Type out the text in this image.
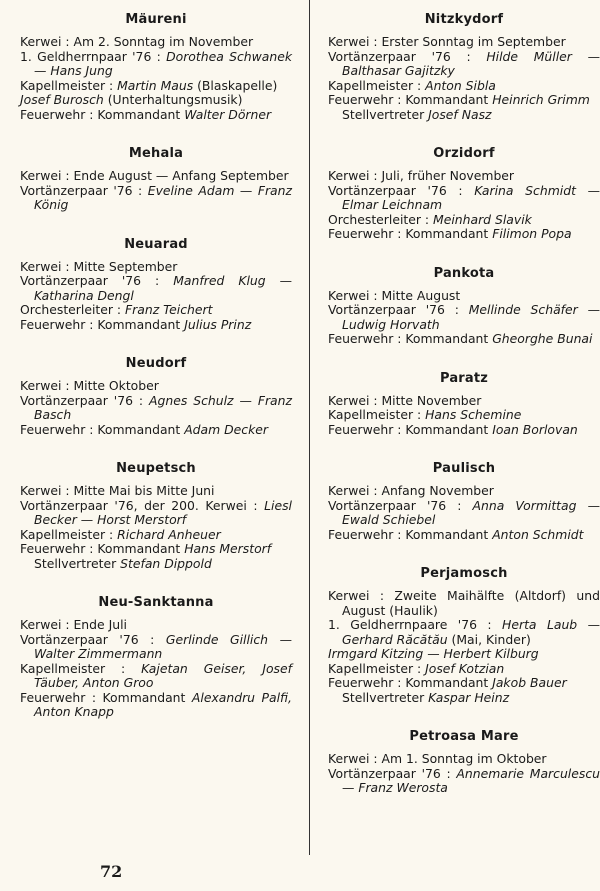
Mäureni
Kerwei : Am 2. Sonntag im November
1. Geldherrnpaar '76 : Dorothea Schwanek — Hans Jung
Kapellmeister : Martin Maus (Blaskapelle)
Josef Burosch (Unterhaltungsmusik)
Feuerwehr : Kommandant Walter Dörner
Mehala
Kerwei : Ende August — Anfang September
Vortänzerpaar '76 : Eveline Adam — Franz König
Neuarad
Kerwei : Mitte September
Vortänzerpaar '76 : Manfred Klug — Katharina Dengl
Orchesterleiter : Franz Teichert
Feuerwehr : Kommandant Julius Prinz
Neudorf
Kerwei : Mitte Oktober
Vortänzerpaar '76 : Agnes Schulz — Franz Basch
Feuerwehr : Kommandant Adam Decker
Neupetsch
Kerwei : Mitte Mai bis Mitte Juni
Vortänzerpaar '76, der 200. Kerwei : Liesl Becker — Horst Merstorf
Kapellmeister : Richard Anheuer
Feuerwehr : Kommandant Hans Merstorf
Stellvertreter Stefan Dippold
Neu-Sanktanna
Kerwei : Ende Juli
Vortänzerpaar '76 : Gerlinde Gillich — Walter Zimmermann
Kapellmeister : Kajetan Geiser, Josef Täuber, Anton Groo
Feuerwehr : Kommandant Alexandru Palfi, Anton Knapp
Nitzkydorf
Kerwei : Erster Sonntag im September
Vortänzerpaar '76 : Hilde Müller — Balthasar Gajitzky
Kapellmeister : Anton Sibla
Feuerwehr : Kommandant Heinrich Grimm
Stellvertreter Josef Nasz
Orzidorf
Kerwei : Juli, früher November
Vortänzerpaar '76 : Karina Schmidt — Elmar Leichnam
Orchesterleiter : Meinhard Slavik
Feuerwehr : Kommandant Filimon Popa
Pankota
Kerwei : Mitte August
Vortänzerpaar '76 : Mellinde Schäfer — Ludwig Horvath
Feuerwehr : Kommandant Gheorghe Bunai
Paratz
Kerwei : Mitte November
Kapellmeister : Hans Schemine
Feuerwehr : Kommandant Ioan Borlovan
Paulisch
Kerwei : Anfang November
Vortänzerpaar '76 : Anna Vormittag — Ewald Schiebel
Feuerwehr : Kommandant Anton Schmidt
Perjamosch
Kerwei : Zweite Maihälfte (Altdorf) und August (Haulik)
1. Geldherrnpaare '76 : Herta Laub — Gerhard Răcătău (Mai, Kinder)
Irmgard Kitzing — Herbert Kilburg
Kapellmeister : Josef Kotzian
Feuerwehr : Kommandant Jakob Bauer
Stellvertreter Kaspar Heinz
Petroasa Mare
Kerwei : Am 1. Sonntag im Oktober
Vortänzerpaar '76 : Annemarie Marculescu — Franz Werosta
72
